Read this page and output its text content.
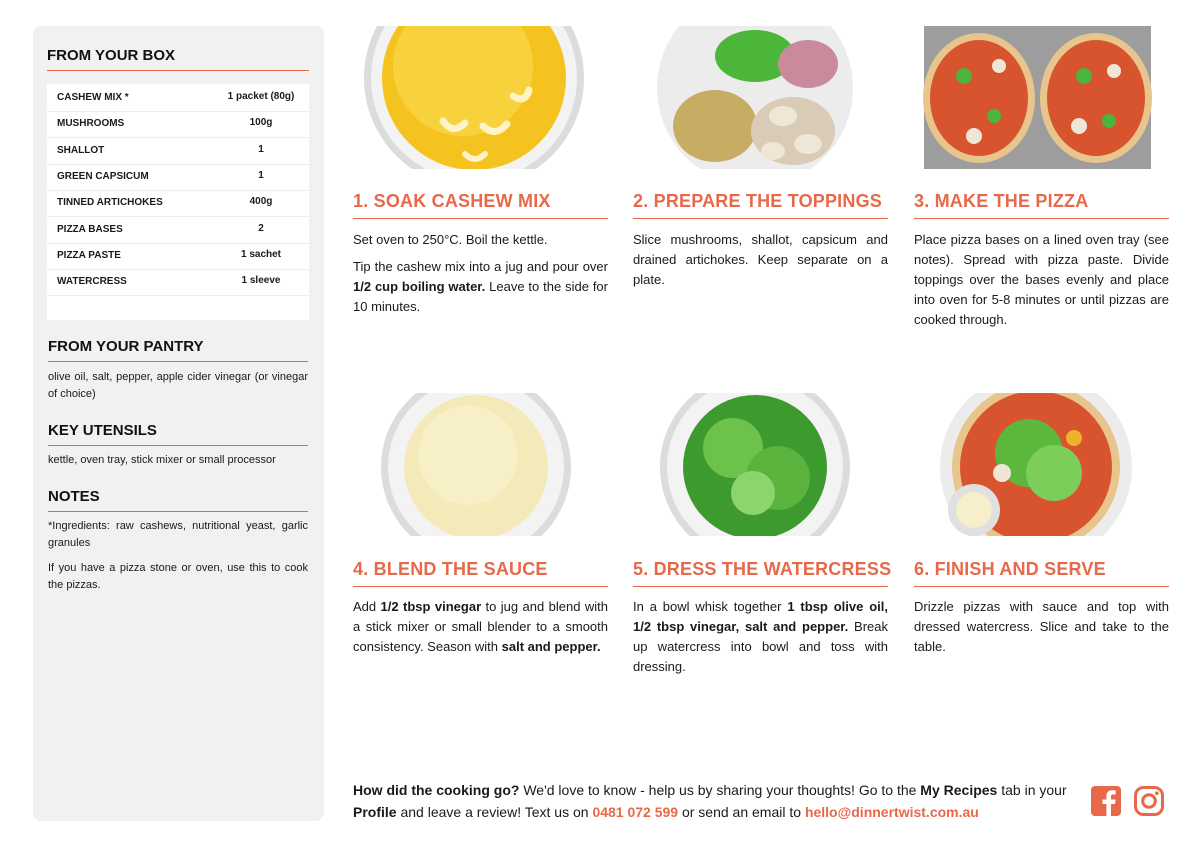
FROM YOUR BOX
CASHEW MIX *	1 packet (80g)
MUSHROOMS	100g
SHALLOT	1
GREEN CAPSICUM	1
TINNED ARTICHOKES	400g
PIZZA BASES	2
PIZZA PASTE	1 sachet
WATERCRESS	1 sleeve
FROM YOUR PANTRY
olive oil, salt, pepper, apple cider vinegar (or vinegar of choice)
KEY UTENSILS
kettle, oven tray, stick mixer or small processor
NOTES
*Ingredients: raw cashews, nutritional yeast, garlic granules
If you have a pizza stone or oven, use this to cook the pizzas.
1. SOAK CASHEW MIX

Set oven to 250°C. Boil the kettle.

Tip the cashew mix into a jug and pour over 1/2 cup boiling water. Leave to the side for 10 minutes.

2. PREPARE THE TOPPINGS

Slice mushrooms, shallot, capsicum and drained artichokes. Keep separate on a plate.

3. MAKE THE PIZZA

Place pizza bases on a lined oven tray (see notes). Spread with pizza paste. Divide toppings over the bases evenly and place into oven for 5-8 minutes or until pizzas are cooked through.

4. BLEND THE SAUCE

Add 1/2 tbsp vinegar to jug and blend with a stick mixer or small blender to a smooth consistency. Season with salt and pepper.

5. DRESS THE WATERCRESS

In a bowl whisk together 1 tbsp olive oil, 1/2 tbsp vinegar, salt and pepper. Break up watercress into bowl and toss with dressing.

6. FINISH AND SERVE

Drizzle pizzas with sauce and top with dressed watercress. Slice and take to the table.

How did the cooking go? We'd love to know - help us by sharing your thoughts! Go to the My Recipes tab in your Profile and leave a review! Text us on 0481 072 599 or send an email to hello@dinnertwist.com.au
